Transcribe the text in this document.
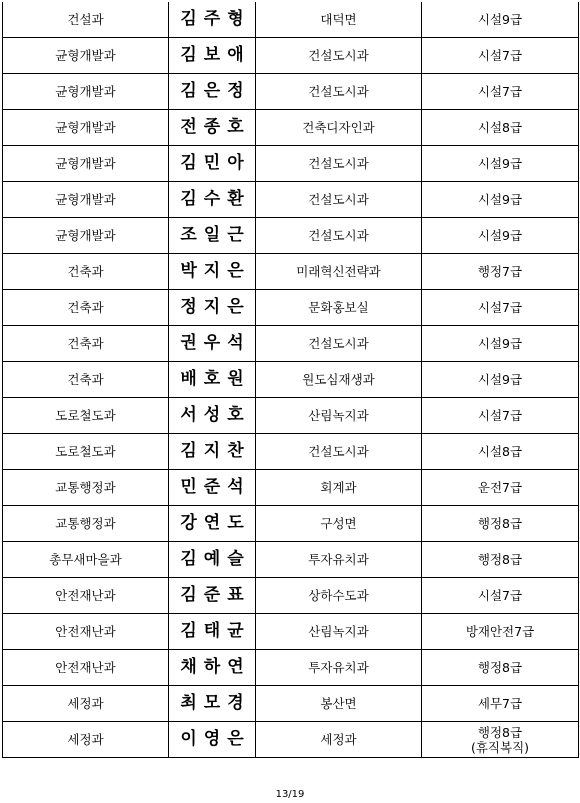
건설과	김주형	대덕면	시설9급

균형개발과	김보애	건설도시과	시설7급

균형개발과	김은정	건설도시과	시설7급

균형개발과	전종호	건축디자인과	시설8급

균형개발과	김민아	건설도시과	시설9급

균형개발과	김수환	건설도시과	시설9급

균형개발과	조일근	건설도시과	시설9급

건축과	박지은	미래혁신전략과	행정7급

건축과	정지은	문화홍보실	시설7급

건축과	권우석	건설도시과	시설9급

건축과	배호원	원도심재생과	시설9급

도로철도과	서성호	산림녹지과	시설7급

도로철도과	김지찬	건설도시과	시설8급

교통행정과	민준석	회계과	운전7급

교통행정과	강연도	구성면	행정8급

총무새마을과	김예슬	투자유치과	행정8급

안전재난과	김준표	상하수도과	시설7급

안전재난과	김태균	산림녹지과	방재안전7급

안전재난과	채하연	투자유치과	행정8급

세정과	최모경	봉산면	세무7급

세정과	이영은	세정과	행정8급
(휴직복직)
13/19
